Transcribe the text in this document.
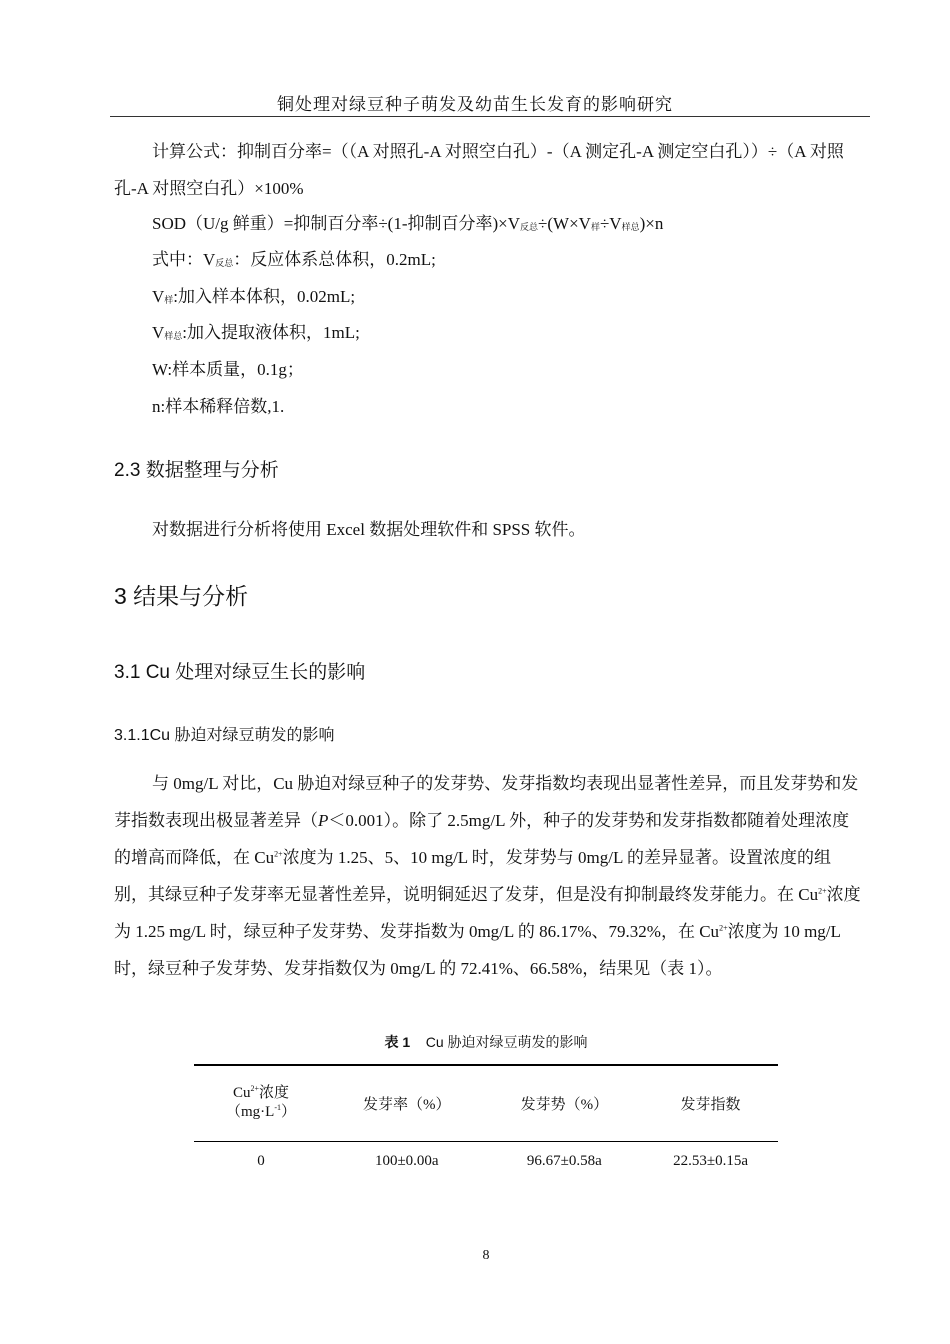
铜处理对绿豆种子萌发及幼苗生长发育的影响研究
计算公式：抑制百分率=（（A 对照孔-A 对照空白孔）-（A 测定孔-A 测定空白孔））÷（A 对照孔-A 对照空白孔）×100%
SOD（U/g 鲜重）=抑制百分率÷(1-抑制百分率)$\times V_{反总}\div(W\times V_样\div V_{样总})\times n$
式中：$V_{反总}$：反应体系总体积，0.2mL;
$V_样$:加入样本体积，0.02mL;
$V_{样总}$:加入提取液体积，1mL;
W:样本质量，0.1g；
n:样本稀释倍数,1.
2.3 数据整理与分析
对数据进行分析将使用 Excel 数据处理软件和 SPSS 软件。
3 结果与分析
3.1 Cu 处理对绿豆生长的影响
3.1.1Cu 胁迫对绿豆萌发的影响
与 0mg/L 对比，Cu 胁迫对绿豆种子的发芽势、发芽指数均表现出显著性差异，而且发芽势和发芽指数表现出极显著差异（P＜0.001）。除了 2.5mg/L 外，种子的发芽势和发芽指数都随着处理浓度的增高而降低，在 $Cu^{2+}$浓度为 1.25、5、10 mg/L 时，发芽势与 0mg/L 的差异显著。设置浓度的组别，其绿豆种子发芽率无显著性差异，说明铜延迟了发芽，但是没有抑制最终发芽能力。在 $Cu^{2+}$浓度为 1.25 mg/L 时，绿豆种子发芽势、发芽指数为 0mg/L 的 86.17%、79.32%，在 $Cu^{2+}$浓度为 10 mg/L 时，绿豆种子发芽势、发芽指数仅为 0mg/L 的 72.41%、66.58%，结果见（表 1）。
表 1 Cu 胁迫对绿豆萌发的影响
$Cu^{2+}$浓度
$(mg\cdot L^{-1})$	发芽率（%）	发芽势（%）	发芽指数
0	100±0.00a	96.67±0.58a	22.53±0.15a
8
